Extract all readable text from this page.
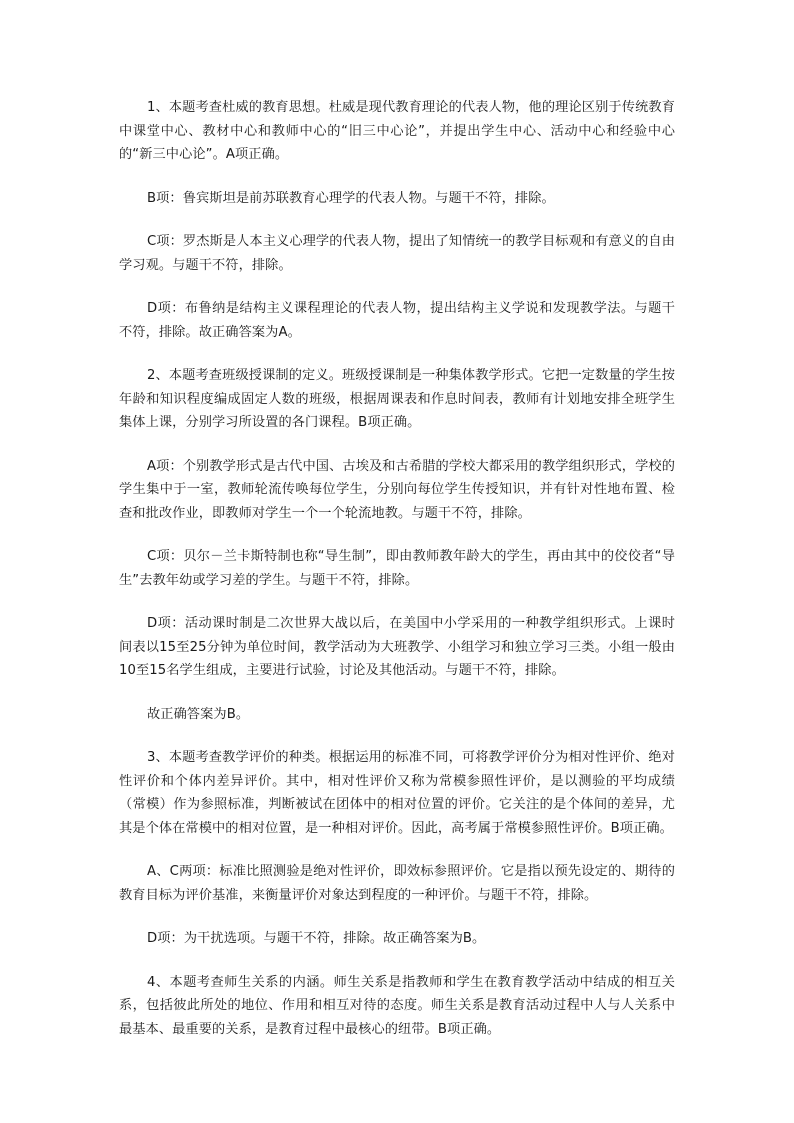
1、本题考查杜威的教育思想。杜威是现代教育理论的代表人物，他的理论区别于传统教育中课堂中心、教材中心和教师中心的“旧三中心论”，并提出学生中心、活动中心和经验中心的“新三中心论”。A项正确。

B项：鲁宾斯坦是前苏联教育心理学的代表人物。与题干不符，排除。

C项：罗杰斯是人本主义心理学的代表人物，提出了知情统一的教学目标观和有意义的自由学习观。与题干不符，排除。

D项：布鲁纳是结构主义课程理论的代表人物，提出结构主义学说和发现教学法。与题干不符，排除。故正确答案为A。

2、本题考查班级授课制的定义。班级授课制是一种集体教学形式。它把一定数量的学生按年龄和知识程度编成固定人数的班级，根据周课表和作息时间表，教师有计划地安排全班学生集体上课，分别学习所设置的各门课程。B项正确。

A项：个别教学形式是古代中国、古埃及和古希腊的学校大都采用的教学组织形式，学校的学生集中于一室，教师轮流传唤每位学生，分别向每位学生传授知识，并有针对性地布置、检查和批改作业，即教师对学生一个一个轮流地教。与题干不符，排除。

C项：贝尔－兰卡斯特制也称“导生制”，即由教师教年龄大的学生，再由其中的佼佼者“导生”去教年幼或学习差的学生。与题干不符，排除。

D项：活动课时制是二次世界大战以后，在美国中小学采用的一种教学组织形式。上课时间表以15至25分钟为单位时间，教学活动为大班教学、小组学习和独立学习三类。小组一般由10至15名学生组成，主要进行试验，讨论及其他活动。与题干不符，排除。

故正确答案为B。

3、本题考查教学评价的种类。根据运用的标准不同，可将教学评价分为相对性评价、绝对性评价和个体内差异评价。其中，相对性评价又称为常模参照性评价，是以测验的平均成绩（常模）作为参照标准，判断被试在团体中的相对位置的评价。它关注的是个体间的差异，尤其是个体在常模中的相对位置，是一种相对评价。因此，高考属于常模参照性评价。B项正确。

A、C两项：标准比照测验是绝对性评价，即效标参照评价。它是指以预先设定的、期待的教育目标为评价基准，来衡量评价对象达到程度的一种评价。与题干不符，排除。

D项：为干扰选项。与题干不符，排除。故正确答案为B。

4、本题考查师生关系的内涵。师生关系是指教师和学生在教育教学活动中结成的相互关系，包括彼此所处的地位、作用和相互对待的态度。师生关系是教育活动过程中人与人关系中最基本、最重要的关系，是教育过程中最核心的纽带。B项正确。
